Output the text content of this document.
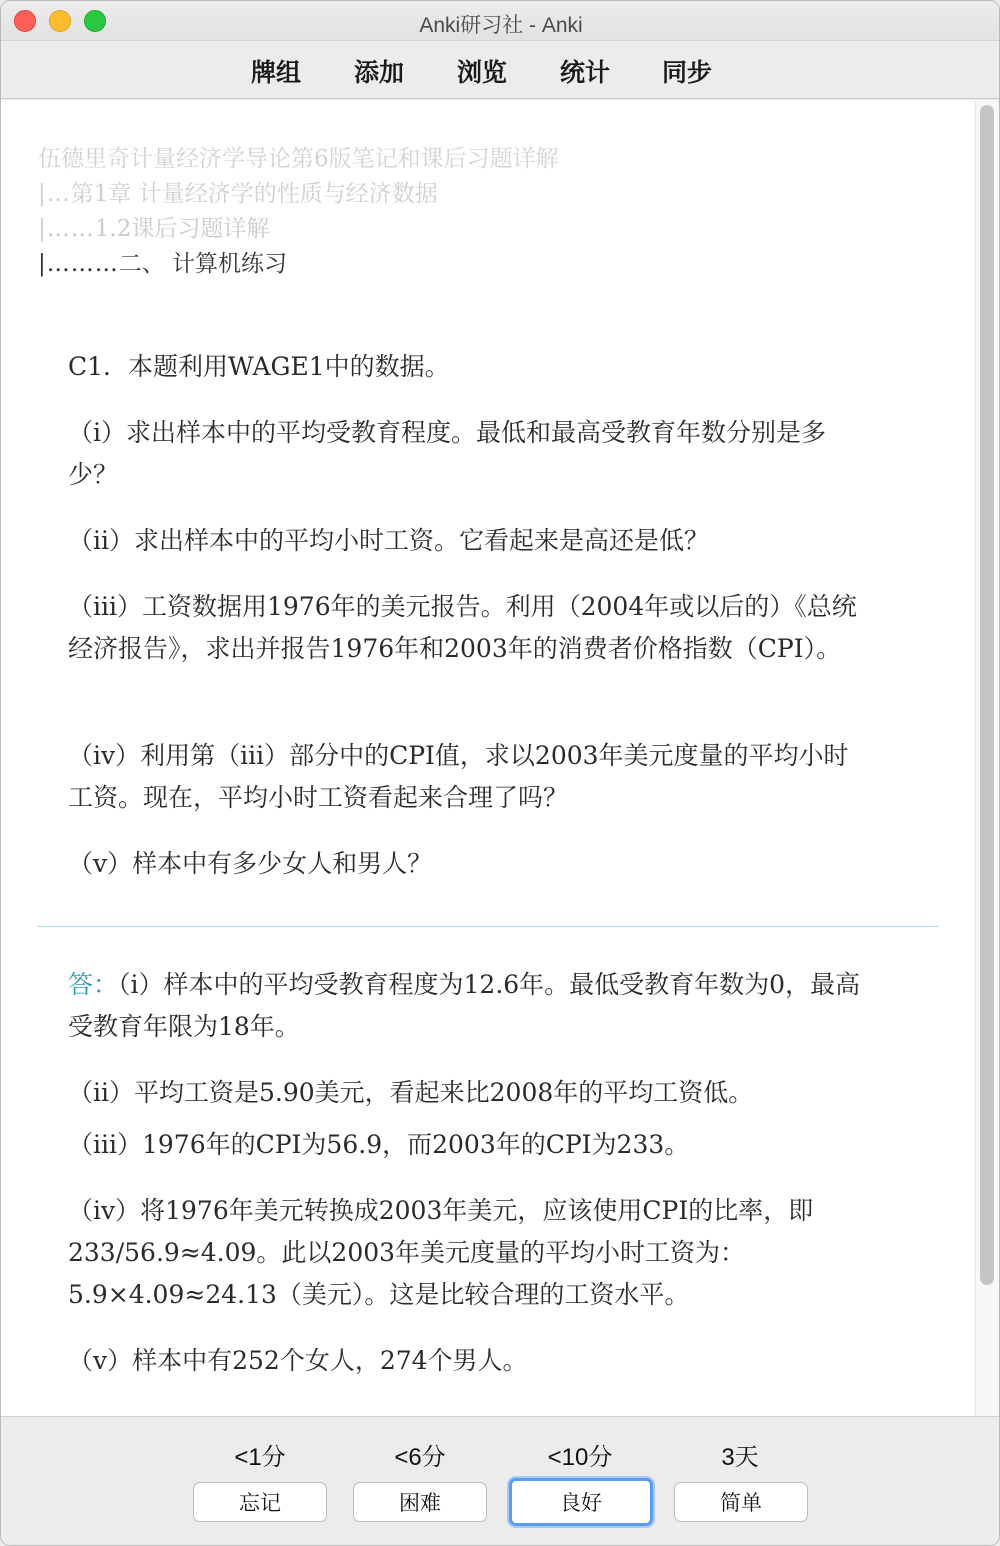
Anki研习社 - Anki
牌组 添加 浏览 统计 同步
伍德里奇计量经济学导论第6版笔记和课后习题详解
|…第1章 计量经济学的性质与经济数据
|……1.2课后习题详解
|………二、 计算机练习
C1．本题利用WAGE1中的数据。
（i）求出样本中的平均受教育程度。最低和最高受教育年数分别是多少？
（ii）求出样本中的平均小时工资。它看起来是高还是低？
（iii）工资数据用1976年的美元报告。利用（2004年或以后的）《总统经济报告》，求出并报告1976年和2003年的消费者价格指数（CPI）。
（iv）利用第（iii）部分中的CPI值，求以2003年美元度量的平均小时工资。现在，平均小时工资看起来合理了吗？
（v）样本中有多少女人和男人？
答：（i）样本中的平均受教育程度为12.6年。最低受教育年数为0，最高受教育年限为18年。
（ii）平均工资是5.90美元，看起来比2008年的平均工资低。
（iii）1976年的CPI为56.9，而2003年的CPI为233。
（iv）将1976年美元转换成2003年美元，应该使用CPI的比率，即233/56.9≈4.09。此以2003年美元度量的平均小时工资为：5.9×4.09≈24.13（美元）。这是比较合理的工资水平。
（v）样本中有252个女人，274个男人。
<1分	<6分	<10分	3天
忘记	困难	良好	简单
